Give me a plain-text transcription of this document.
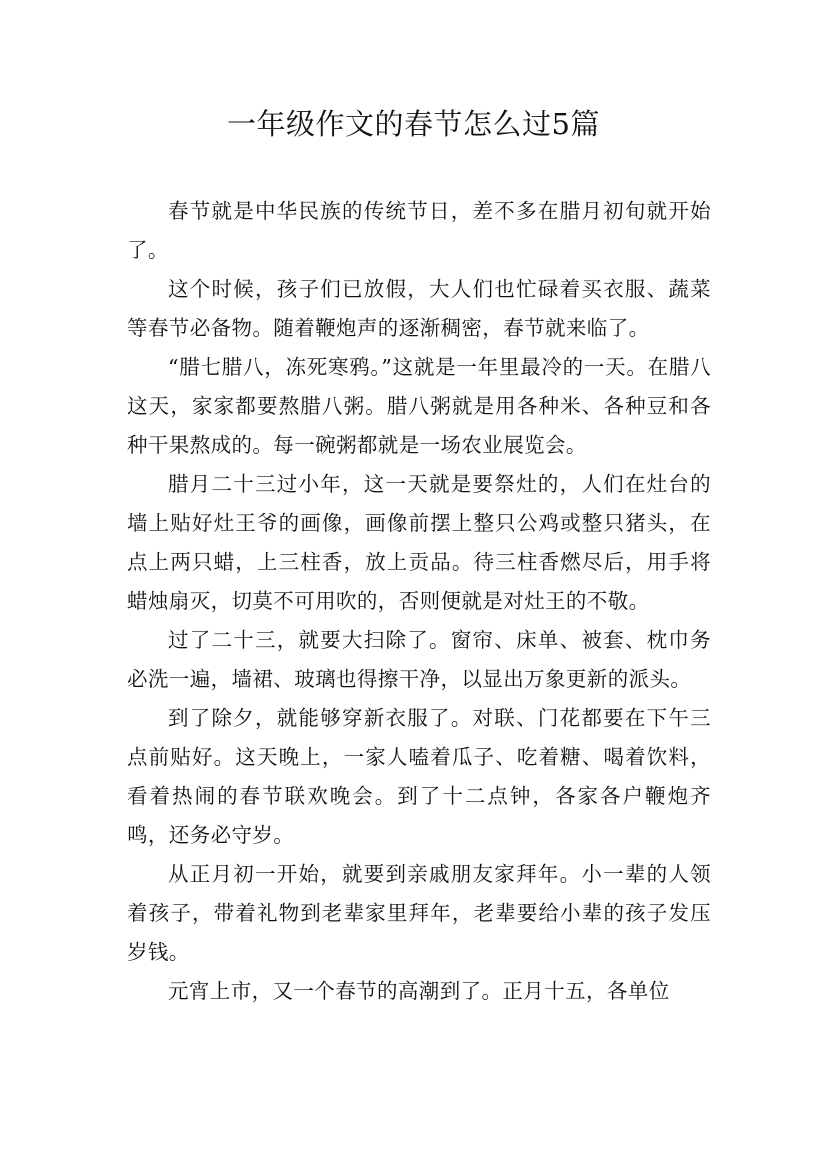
一年级作文的春节怎么过5篇

春节就是中华民族的传统节日，差不多在腊月初旬就开始了。

这个时候，孩子们已放假，大人们也忙碌着买衣服、蔬菜等春节必备物。随着鞭炮声的逐渐稠密，春节就来临了。

“腊七腊八，冻死寒鸦。”这就是一年里最冷的一天。在腊八这天，家家都要熬腊八粥。腊八粥就是用各种米、各种豆和各种干果熬成的。每一碗粥都就是一场农业展览会。

腊月二十三过小年，这一天就是要祭灶的，人们在灶台的墙上贴好灶王爷的画像，画像前摆上整只公鸡或整只猪头，在点上两只蜡，上三柱香，放上贡品。待三柱香燃尽后，用手将蜡烛扇灭，切莫不可用吹的，否则便就是对灶王的不敬。

过了二十三，就要大扫除了。窗帘、床单、被套、枕巾务必洗一遍，墙裙、玻璃也得擦干净，以显出万象更新的派头。

到了除夕，就能够穿新衣服了。对联、门花都要在下午三点前贴好。这天晚上，一家人嗑着瓜子、吃着糖、喝着饮料，看着热闹的春节联欢晚会。到了十二点钟，各家各户鞭炮齐鸣，还务必守岁。

从正月初一开始，就要到亲戚朋友家拜年。小一辈的人领着孩子，带着礼物到老辈家里拜年，老辈要给小辈的孩子发压岁钱。

元宵上市，又一个春节的高潮到了。正月十五，各单位
